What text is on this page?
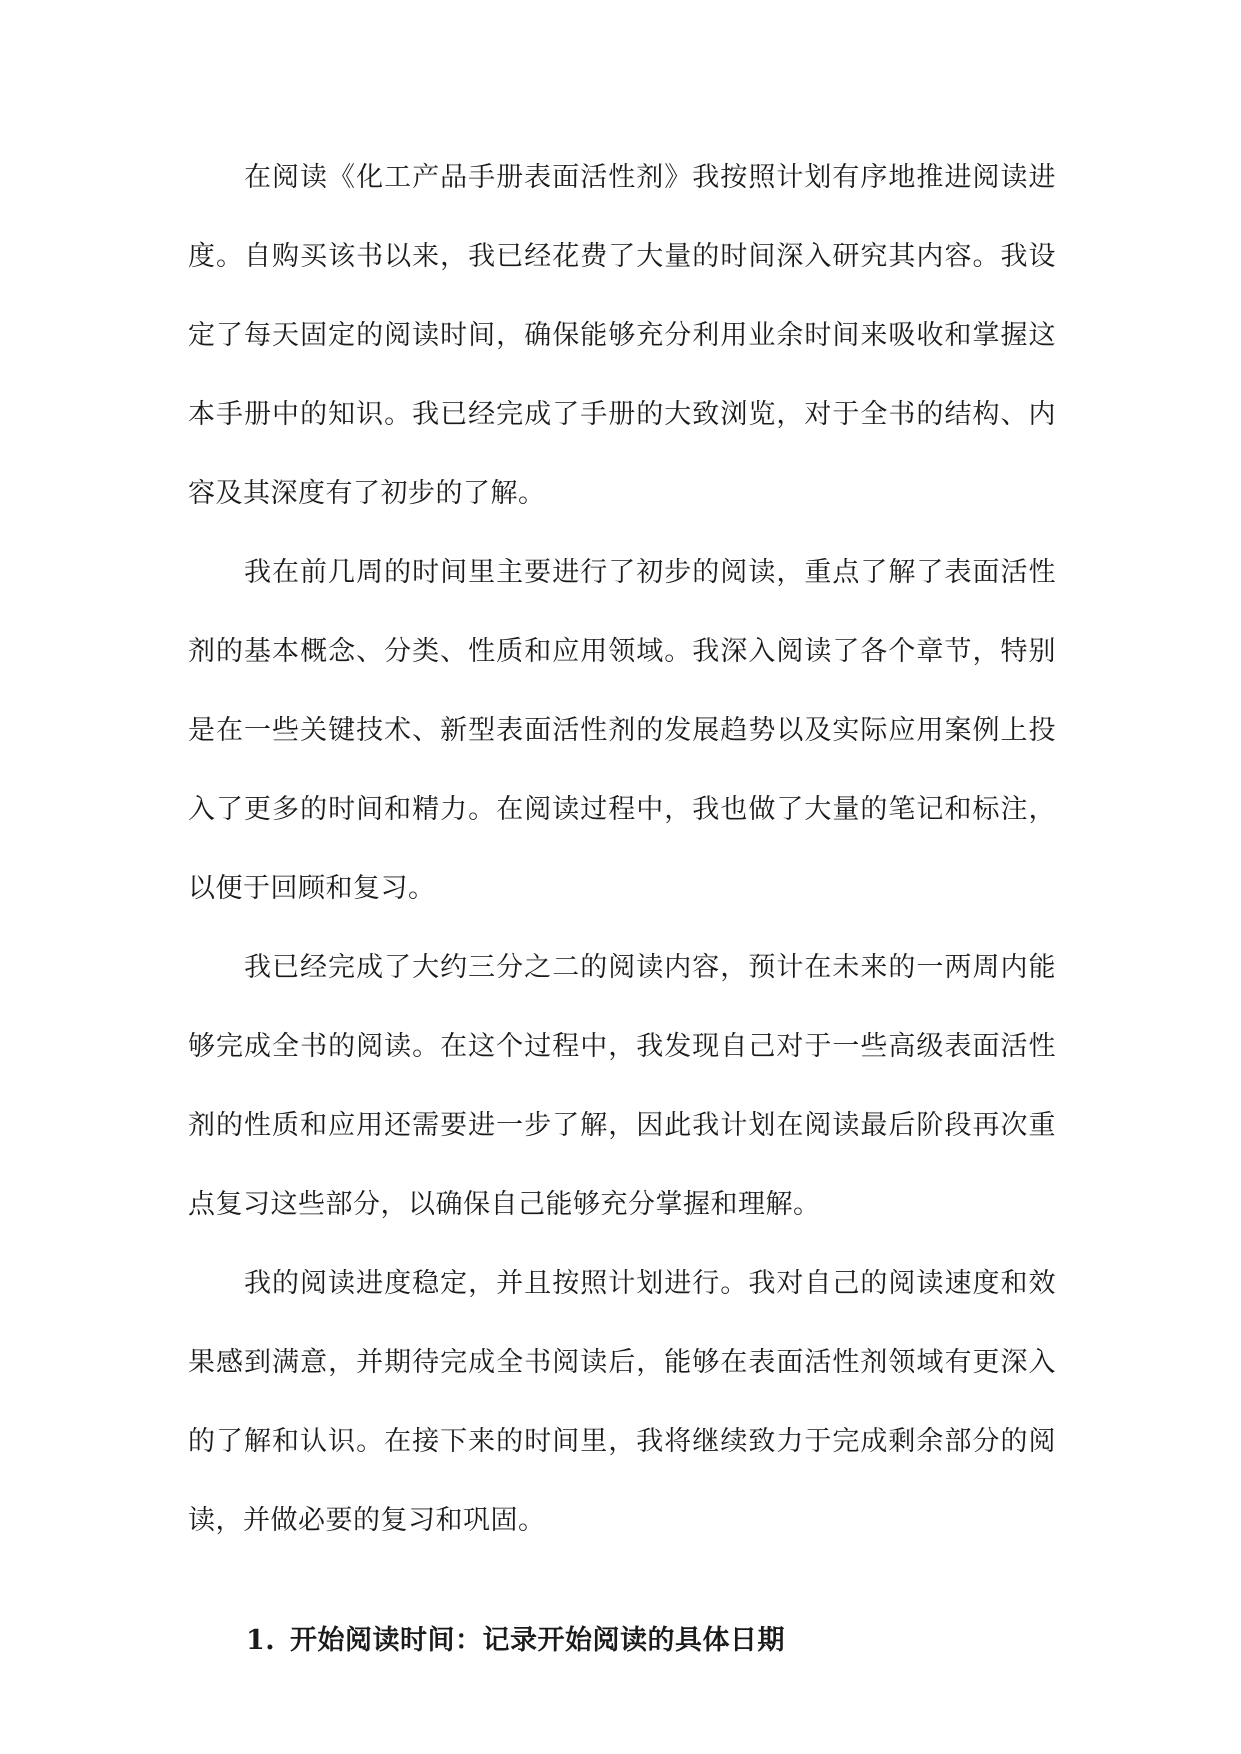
在阅读《化工产品手册表面活性剂》我按照计划有序地推进阅读进度。自购买该书以来，我已经花费了大量的时间深入研究其内容。我设定了每天固定的阅读时间，确保能够充分利用业余时间来吸收和掌握这本手册中的知识。我已经完成了手册的大致浏览，对于全书的结构、内容及其深度有了初步的了解。

我在前几周的时间里主要进行了初步的阅读，重点了解了表面活性剂的基本概念、分类、性质和应用领域。我深入阅读了各个章节，特别是在一些关键技术、新型表面活性剂的发展趋势以及实际应用案例上投入了更多的时间和精力。在阅读过程中，我也做了大量的笔记和标注，以便于回顾和复习。

我已经完成了大约三分之二的阅读内容，预计在未来的一两周内能够完成全书的阅读。在这个过程中，我发现自己对于一些高级表面活性剂的性质和应用还需要进一步了解，因此我计划在阅读最后阶段再次重点复习这些部分，以确保自己能够充分掌握和理解。

我的阅读进度稳定，并且按照计划进行。我对自己的阅读速度和效果感到满意，并期待完成全书阅读后，能够在表面活性剂领域有更深入的了解和认识。在接下来的时间里，我将继续致力于完成剩余部分的阅读，并做必要的复习和巩固。

1. 开始阅读时间：记录开始阅读的具体日期
